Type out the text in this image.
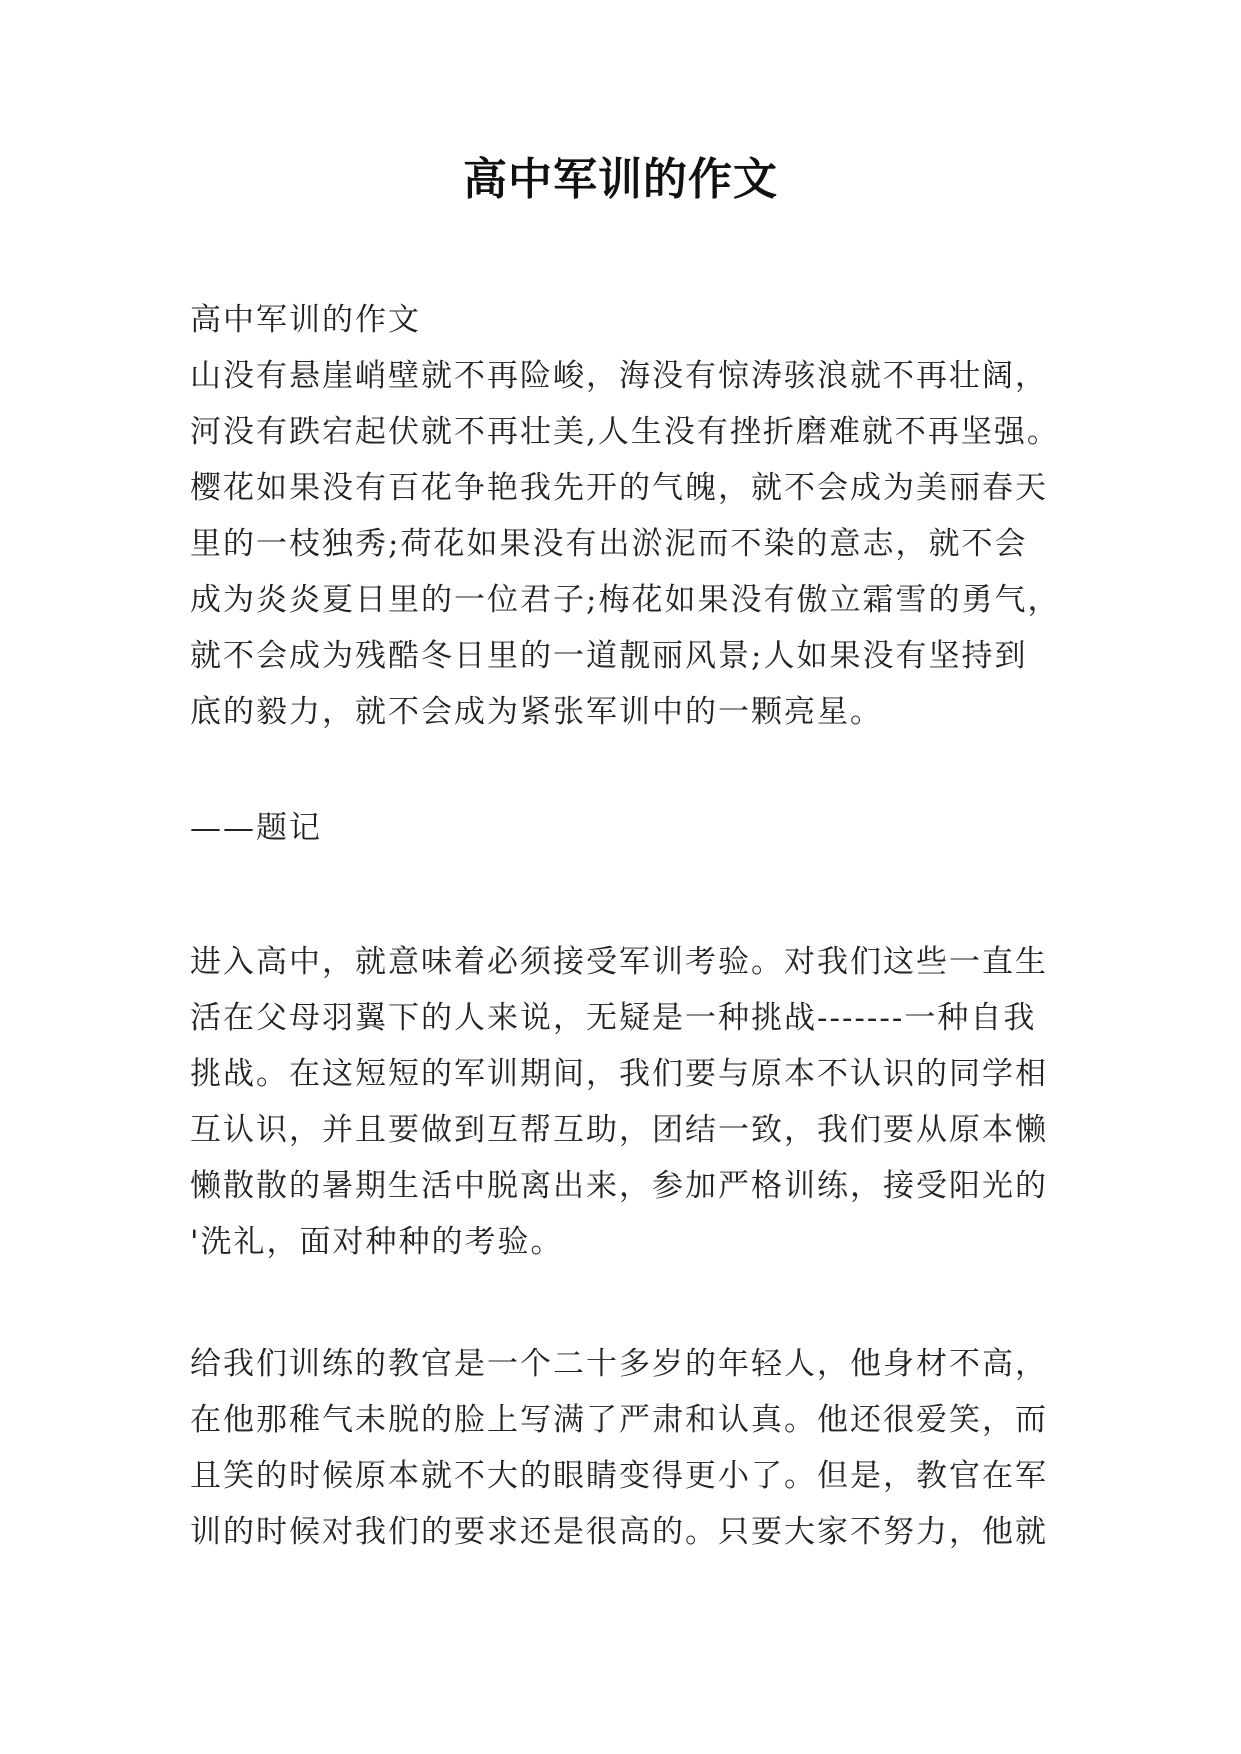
高中军训的作文
高中军训的作文
山没有悬崖峭壁就不再险峻，海没有惊涛骇浪就不再壮阔，
河没有跌宕起伏就不再壮美,人生没有挫折磨难就不再坚强。
樱花如果没有百花争艳我先开的气魄，就不会成为美丽春天
里的一枝独秀;荷花如果没有出淤泥而不染的意志，就不会
成为炎炎夏日里的一位君子;梅花如果没有傲立霜雪的勇气，
就不会成为残酷冬日里的一道靓丽风景;人如果没有坚持到
底的毅力，就不会成为紧张军训中的一颗亮星。
——题记
进入高中，就意味着必须接受军训考验。对我们这些一直生
活在父母羽翼下的人来说，无疑是一种挑战-------一种自我
挑战。在这短短的军训期间，我们要与原本不认识的同学相
互认识，并且要做到互帮互助，团结一致，我们要从原本懒
懒散散的暑期生活中脱离出来，参加严格训练，接受阳光的
'洗礼，面对种种的考验。
给我们训练的教官是一个二十多岁的年轻人，他身材不高，
在他那稚气未脱的脸上写满了严肃和认真。他还很爱笑，而
且笑的时候原本就不大的眼睛变得更小了。但是，教官在军
训的时候对我们的要求还是很高的。只要大家不努力，他就
